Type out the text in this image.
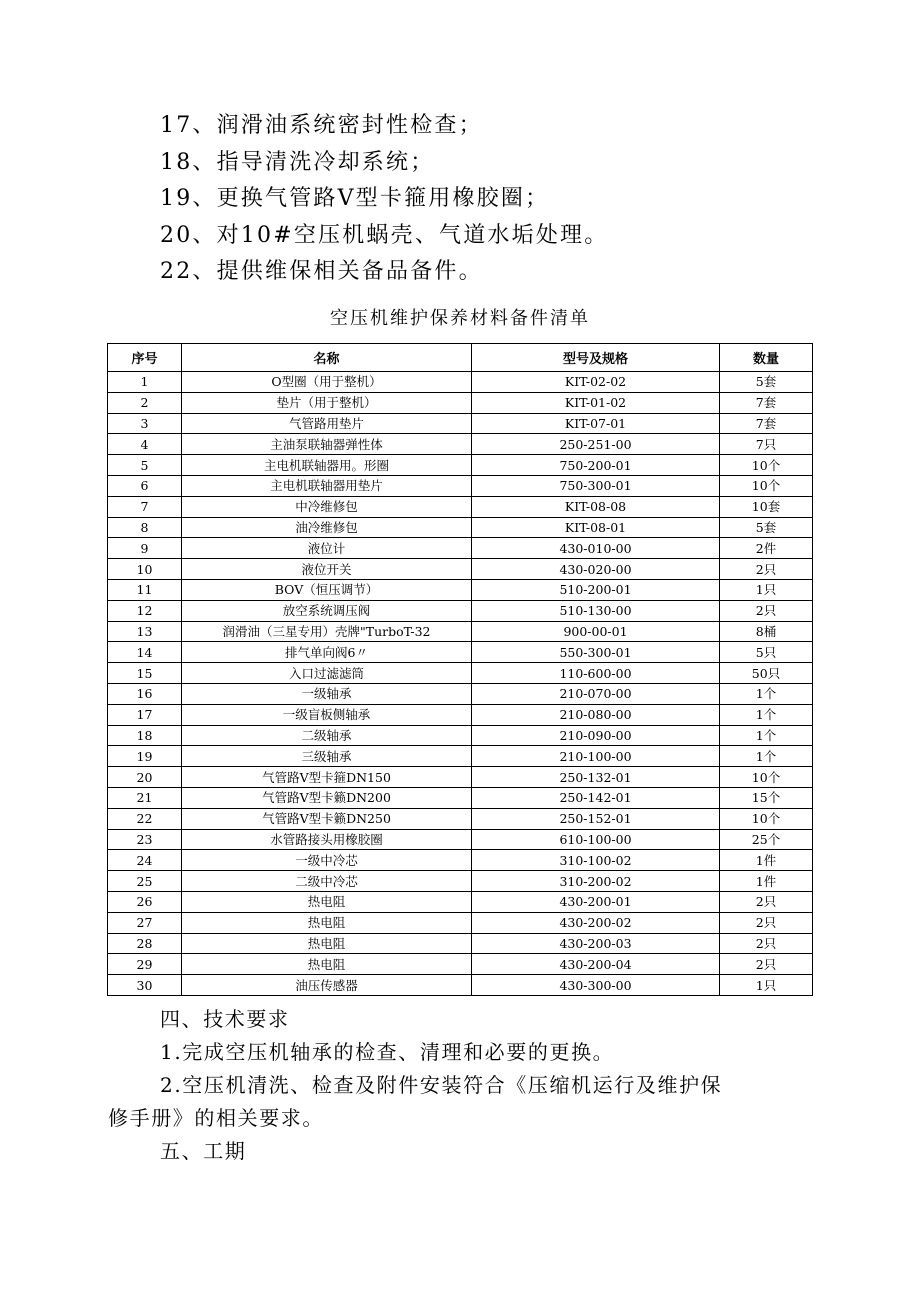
17、润滑油系统密封性检查；
18、指导清洗冷却系统；
19、更换气管路V型卡箍用橡胶圈；
20、对10#空压机蜗壳、气道水垢处理。
22、提供维保相关备品备件。
空压机维护保养材料备件清单
序号	名称	型号及规格	数量
1	O型圈（用于整机）	KIT-02-02	5套
2	垫片（用于整机）	KIT-01-02	7套
3	气管路用垫片	KIT-07-01	7套
4	主油泵联轴器弹性体	250-251-00	7只
5	主电机联轴器用。形圈	750-200-01	10个
6	主电机联轴器用垫片	750-300-01	10个
7	中冷维修包	KIT-08-08	10套
8	油冷维修包	KIT-08-01	5套
9	液位计	430-010-00	2件
10	液位开关	430-020-00	2只
11	BOV（恒压调节）	510-200-01	1只
12	放空系统调压阀	510-130-00	2只
13	润滑油（三星专用）壳牌"TurboT-32	900-00-01	8桶
14	排气单向阀6〃	550-300-01	5只
15	入口过滤滤筒	110-600-00	50只
16	一级轴承	210-070-00	1个
17	一级盲板侧轴承	210-080-00	1个
18	二级轴承	210-090-00	1个
19	三级轴承	210-100-00	1个
20	气管路V型卡箍DN150	250-132-01	10个
21	气管路V型卡籁DN200	250-142-01	15个
22	气管路V型卡籁DN250	250-152-01	10个
23	水管路接头用橡胶圈	610-100-00	25个
24	一级中冷芯	310-100-02	1件
25	二级中冷芯	310-200-02	1件
26	热电阻	430-200-01	2只
27	热电阻	430-200-02	2只
28	热电阻	430-200-03	2只
29	热电阻	430-200-04	2只
30	油压传感器	430-300-00	1只

四、技术要求

1.完成空压机轴承的检查、清理和必要的更换。

2.空压机清洗、检查及附件安装符合《压缩机运行及维护保

修手册》的相关要求。

五、工期
